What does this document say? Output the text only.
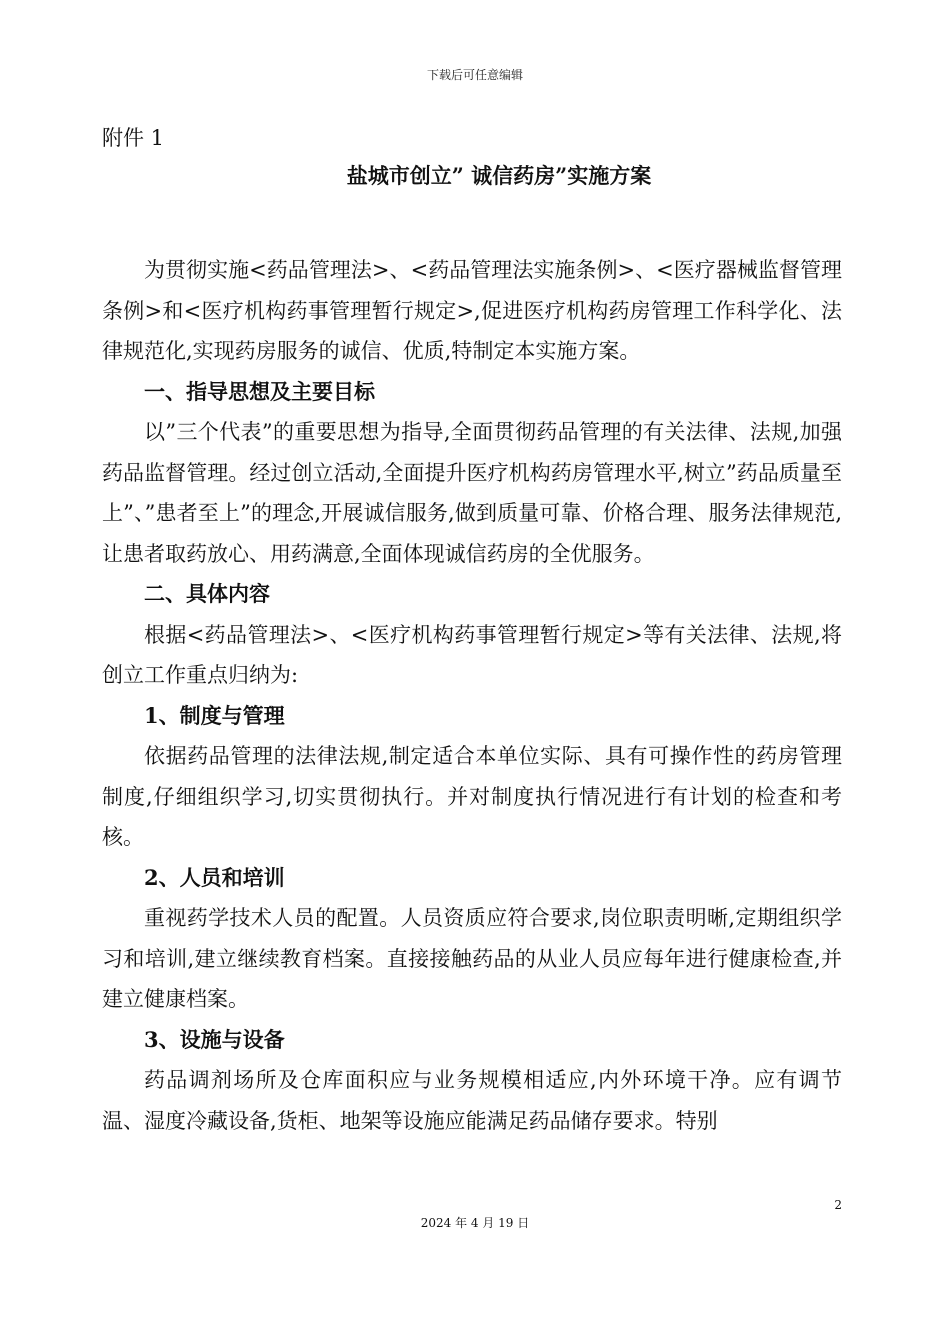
下载后可任意编辑
附件 1
盐城市创立” 诚信药房”实施方案

为贯彻实施<药品管理法>、<药品管理法实施条例>、<医疗器械监督管理条例>和<医疗机构药事管理暂行规定>,促进医疗机构药房管理工作科学化、法律规范化,实现药房服务的诚信、优质,特制定本实施方案。

一、指导思想及主要目标

以”三个代表”的重要思想为指导,全面贯彻药品管理的有关法律、法规,加强药品监督管理。经过创立活动,全面提升医疗机构药房管理水平,树立”药品质量至上”、”患者至上”的理念,开展诚信服务,做到质量可靠、价格合理、服务法律规范,让患者取药放心、用药满意,全面体现诚信药房的全优服务。

二、具体内容

根据<药品管理法>、<医疗机构药事管理暂行规定>等有关法律、法规,将创立工作重点归纳为:

1、制度与管理

依据药品管理的法律法规,制定适合本单位实际、具有可操作性的药房管理制度,仔细组织学习,切实贯彻执行。并对制度执行情况进行有计划的检查和考核。

2、人员和培训

重视药学技术人员的配置。人员资质应符合要求,岗位职责明晰,定期组织学习和培训,建立继续教育档案。直接接触药品的从业人员应每年进行健康检查,并建立健康档案。

3、设施与设备

药品调剂场所及仓库面积应与业务规模相适应,内外环境干净。应有调节温、湿度冷藏设备,货柜、地架等设施应能满足药品储存要求。特别

2
2024 年 4 月 19 日
